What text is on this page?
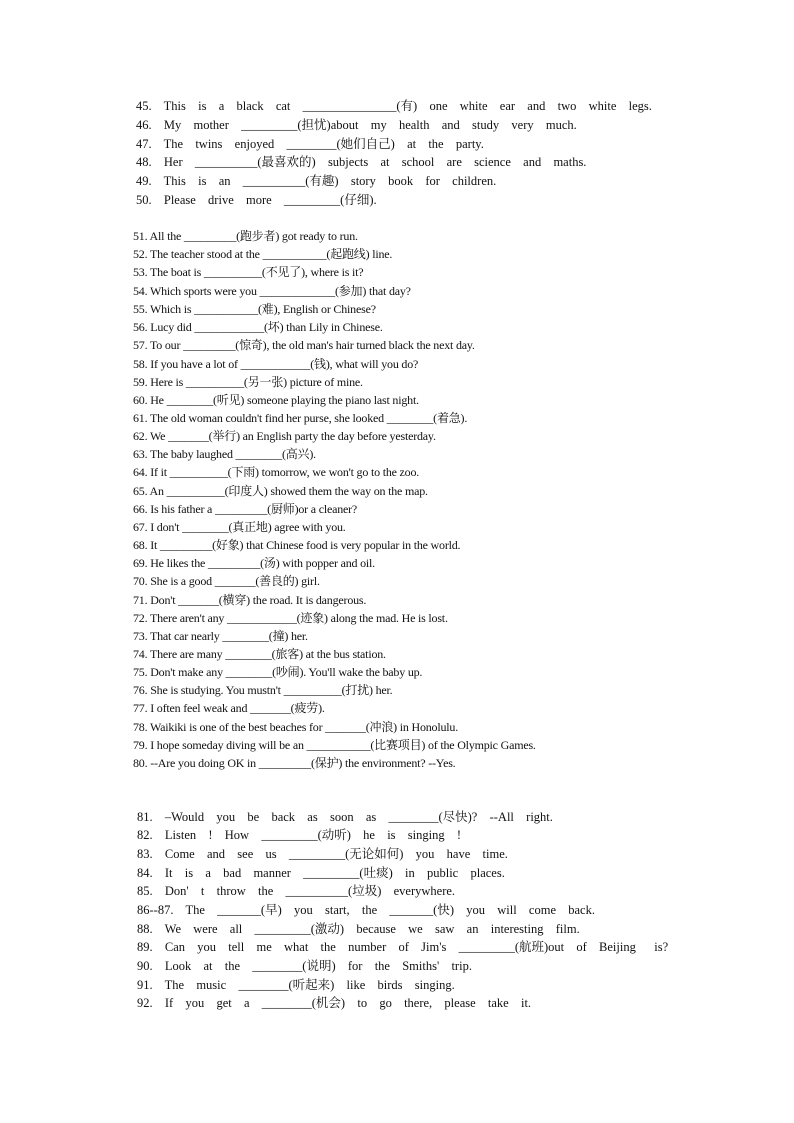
45.  This  is  a  black  cat  _______________(有)  one  white  ear  and  two  white  legs.
46.  My  mother  _________(担忧)about  my  health  and  study  very  much.
47.  The  twins  enjoyed  ________(她们自己)  at  the  party.
48.  Her  __________(最喜欢的)  subjects  at  school  are  science  and  maths.
49.  This  is  an  __________(有趣)  story  book  for  children.
50.  Please  drive  more  _________(仔细).
51. All the _________(跑步者) got ready to run.
52. The teacher stood at the ___________(起跑线) line.
53. The boat is __________(不见了), where is it?
54. Which sports were you _____________(参加) that day?
55. Which is ___________(难), English or Chinese?
56. Lucy did ____________(坏) than Lily in Chinese.
57. To our _________(惊奇), the old man's hair turned black the next day.
58. If you have a lot of ____________(钱), what will you do?
59. Here is __________(另一张) picture of mine.
60. He ________(听见) someone playing the piano last night.
61. The old woman couldn't find her purse, she looked ________(着急).
62. We _______(举行) an English party the day before yesterday.
63. The baby laughed ________(高兴).
64. If it __________(下雨) tomorrow, we won't go to the zoo.
65. An __________(印度人) showed them the way on the map.
66. Is his father a _________(厨师)or a cleaner?
67. I don't ________(真正地) agree with you.
68. It _________(好象) that Chinese food is very popular in the world.
69. He likes the _________(汤) with popper and oil.
70. She is a good _______(善良的) girl.
71. Don't _______(横穿) the road. It is dangerous.
72. There aren't any ____________(迹象) along the mad. He is lost.
73. That car nearly ________(撞) her.
74. There are many ________(旅客) at the bus station.
75. Don't make any ________(吵闹). You'll wake the baby up.
76. She is studying. You mustn't __________(打扰) her.
77. I often feel weak and _______(疲劳).
78. Waikiki is one of the best beaches for _______(冲浪) in Honolulu.
79. I hope someday diving will be an ___________(比赛项目) of the Olympic Games.
80. --Are you doing OK in _________(保护) the environment? --Yes.
81.  –Would  you  be  back  as  soon  as  ________(尽快)?  --All  right.
82.  Listen  !  How  _________(动听)  he  is  singing  !
83.  Come  and  see  us  _________(无论如何)  you  have  time.
84.  It  is  a  bad  manner  _________(吐痰)  in  public  places.
85.  Don'  t  throw  the  __________(垃圾)  everywhere.
86--87.  The  _______(早)  you  start,  the  _______(快)  you  will  come  back.
88.  We  were  all  _________(激动)  because  we  saw  an  interesting  film.
89.  Can  you  tell  me  what  the  number  of  Jim's  _________(航班)out  of  Beijing   is?
90.  Look  at  the  ________(说明)  for  the  Smiths'  trip.
91.  The  music  ________(听起来)  like  birds  singing.
92.  If  you  get  a  ________(机会)  to  go  there,  please  take  it.
